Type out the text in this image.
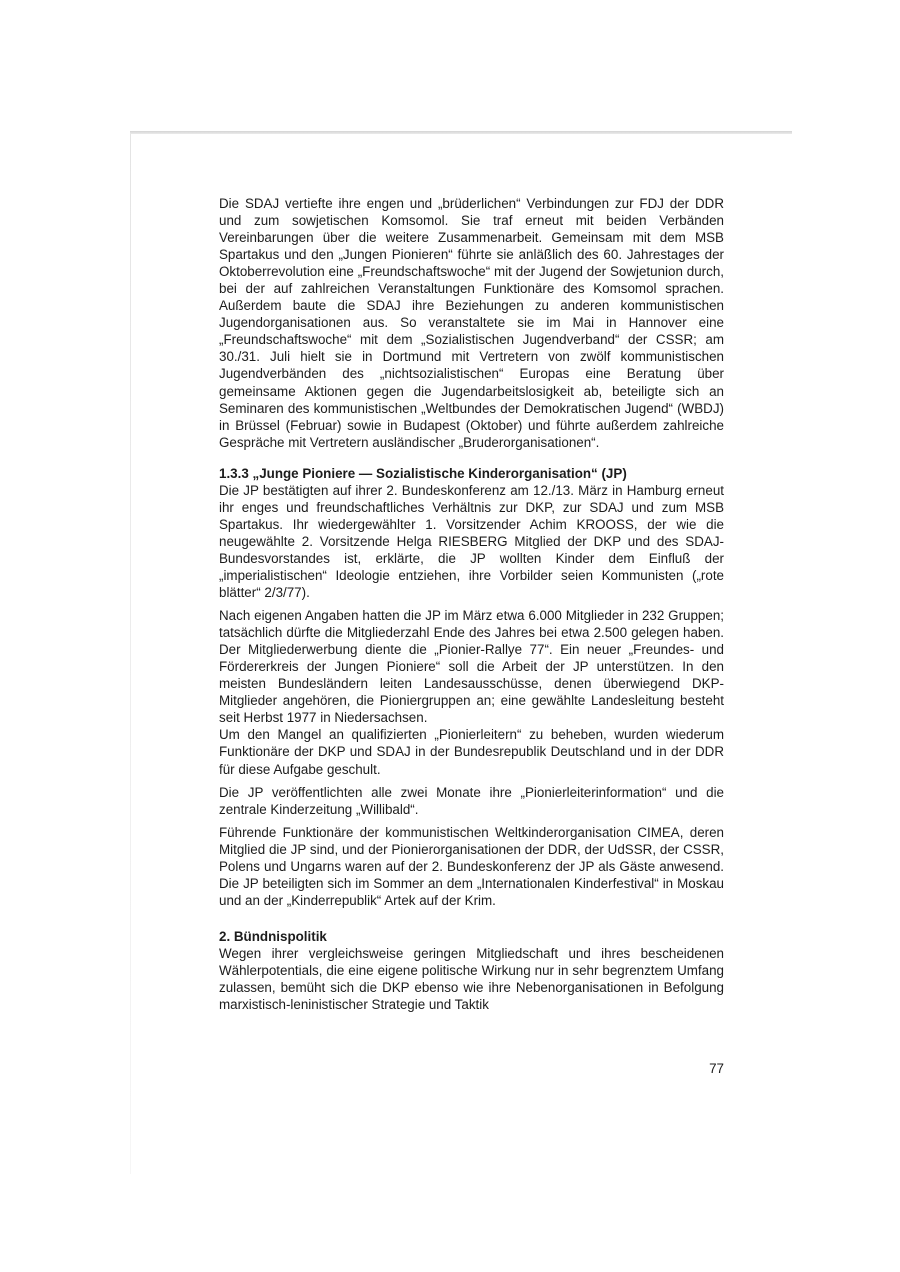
Die SDAJ vertiefte ihre engen und „brüderlichen“ Verbindungen zur FDJ der DDR und zum sowjetischen Komsomol. Sie traf erneut mit beiden Verbänden Vereinbarungen über die weitere Zusammenarbeit. Gemeinsam mit dem MSB Spartakus und den „Jungen Pionieren“ führte sie anläßlich des 60. Jahrestages der Oktoberrevolution eine „Freundschaftswoche“ mit der Jugend der Sowjetunion durch, bei der auf zahlreichen Veranstaltungen Funktionäre des Komsomol sprachen. Außerdem baute die SDAJ ihre Beziehungen zu anderen kommunistischen Jugendorganisationen aus. So veranstaltete sie im Mai in Hannover eine „Freundschaftswoche“ mit dem „Sozialistischen Jugendverband“ der CSSR; am 30./31. Juli hielt sie in Dortmund mit Vertretern von zwölf kommunistischen Jugendverbänden des „nichtsozialistischen“ Europas eine Beratung über gemeinsame Aktionen gegen die Jugendarbeitslosigkeit ab, beteiligte sich an Seminaren des kommunistischen „Weltbundes der Demokratischen Jugend“ (WBDJ) in Brüssel (Februar) sowie in Budapest (Oktober) und führte außerdem zahlreiche Gespräche mit Vertretern ausländischer „Bruderorganisationen“.

1.3.3 „Junge Pioniere — Sozialistische Kinderorganisation“ (JP)

Die JP bestätigten auf ihrer 2. Bundeskonferenz am 12./13. März in Hamburg erneut ihr enges und freundschaftliches Verhältnis zur DKP, zur SDAJ und zum MSB Spartakus. Ihr wiedergewählter 1. Vorsitzender Achim KROOSS, der wie die neugewählte 2. Vorsitzende Helga RIESBERG Mitglied der DKP und des SDAJ-Bundesvorstandes ist, erklärte, die JP wollten Kinder dem Einfluß der „imperialistischen“ Ideologie entziehen, ihre Vorbilder seien Kommunisten („rote blätter“ 2/3/77).

Nach eigenen Angaben hatten die JP im März etwa 6.000 Mitglieder in 232 Gruppen; tatsächlich dürfte die Mitgliederzahl Ende des Jahres bei etwa 2.500 gelegen haben. Der Mitgliederwerbung diente die „Pionier-Rallye 77“. Ein neuer „Freundes- und Fördererkreis der Jungen Pioniere“ soll die Arbeit der JP unterstützen. In den meisten Bundesländern leiten Landesausschüsse, denen überwiegend DKP-Mitglieder angehören, die Pioniergruppen an; eine gewählte Landesleitung besteht seit Herbst 1977 in Niedersachsen.

Um den Mangel an qualifizierten „Pionierleitern“ zu beheben, wurden wiederum Funktionäre der DKP und SDAJ in der Bundesrepublik Deutschland und in der DDR für diese Aufgabe geschult.

Die JP veröffentlichten alle zwei Monate ihre „Pionierleiterinformation“ und die zentrale Kinderzeitung „Willibald“.

Führende Funktionäre der kommunistischen Weltkinderorganisation CIMEA, deren Mitglied die JP sind, und der Pionierorganisationen der DDR, der UdSSR, der CSSR, Polens und Ungarns waren auf der 2. Bundeskonferenz der JP als Gäste anwesend. Die JP beteiligten sich im Sommer an dem „Internationalen Kinderfestival“ in Moskau und an der „Kinderrepublik“ Artek auf der Krim.

2. Bündnispolitik

Wegen ihrer vergleichsweise geringen Mitgliedschaft und ihres bescheidenen Wählerpotentials, die eine eigene politische Wirkung nur in sehr begrenztem Umfang zulassen, bemüht sich die DKP ebenso wie ihre Nebenorganisationen in Befolgung marxistisch-leninistischer Strategie und Taktik

77
